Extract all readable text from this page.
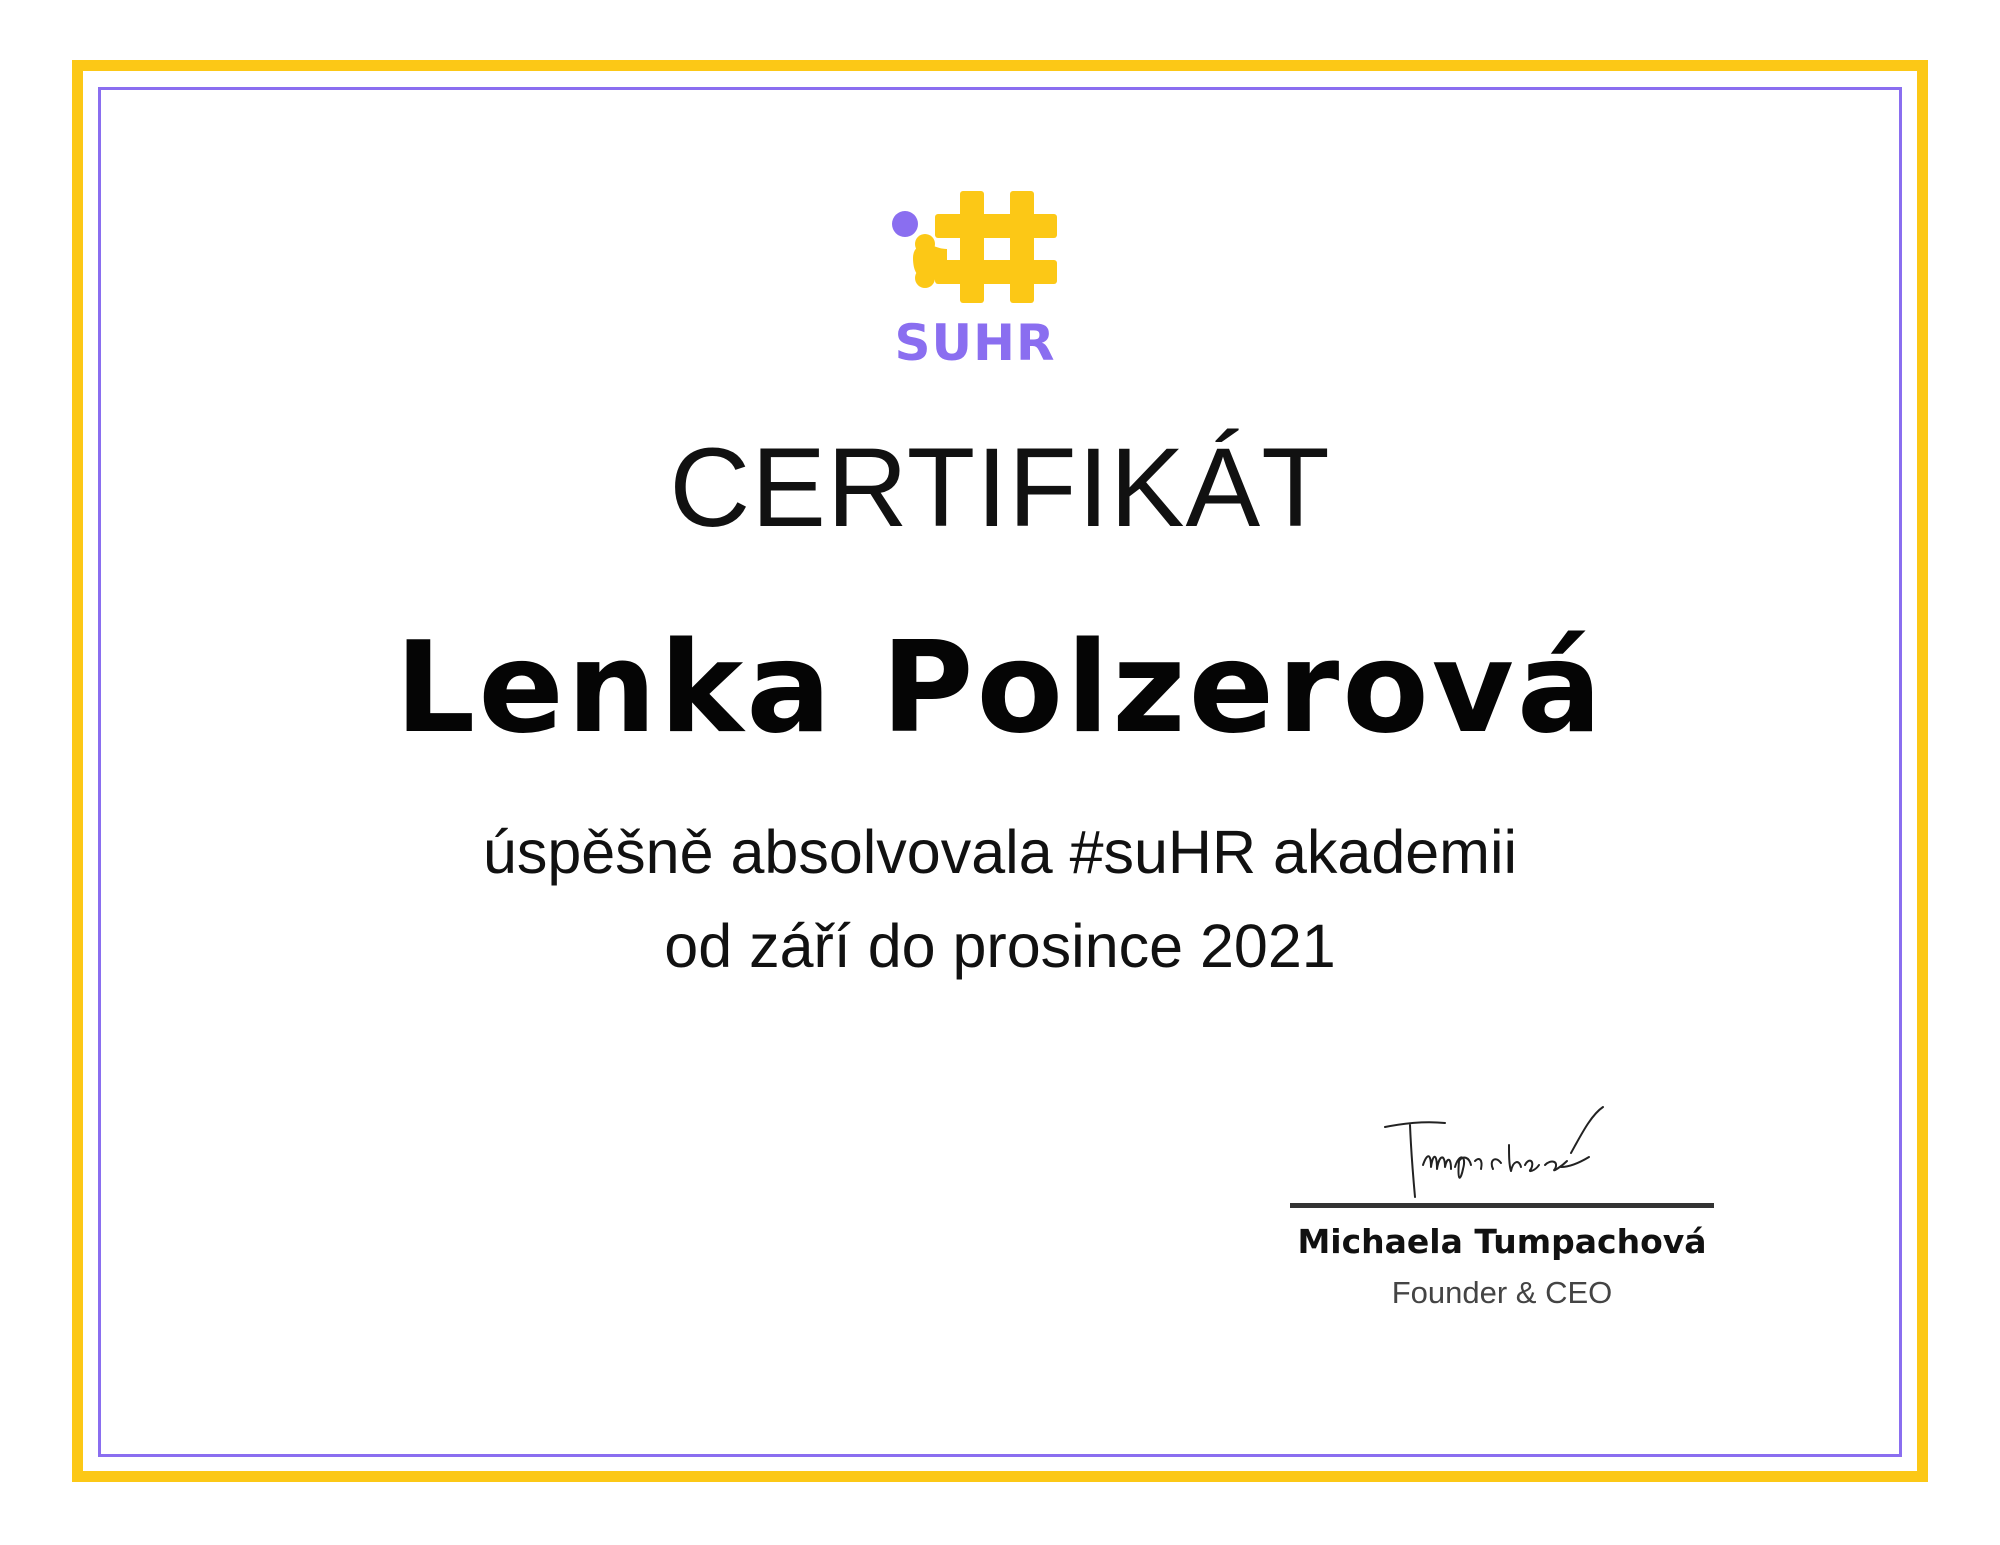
SUHR
CERTIFIKÁT
Lenka Polzerová
úspěšně absolvovala #suHR akademii
od září do prosince 2021
Michaela Tumpachová
Founder & CEO
